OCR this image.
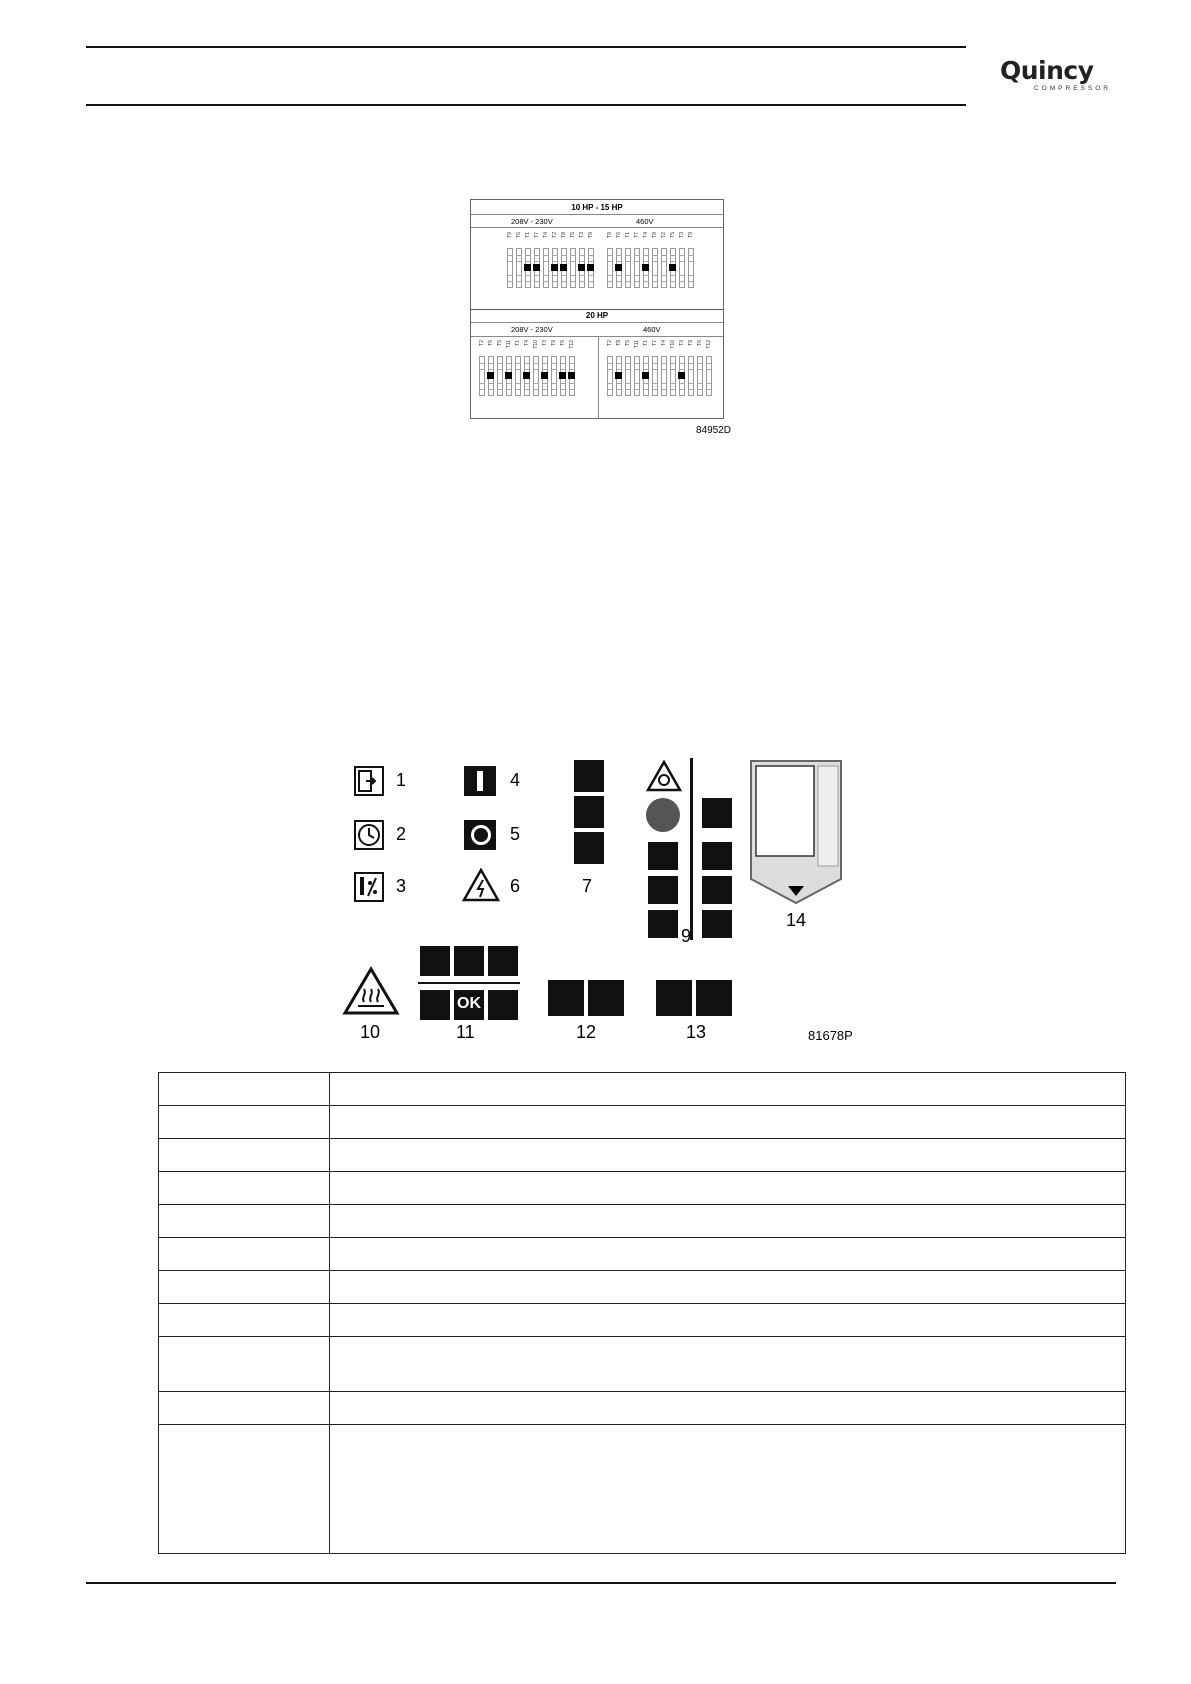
Quincy
COMPRESSOR
10 HP - 15 HP
208V - 230V	460V
20 HP
208V - 230V	460V
T9 T6 T1 T7 T4 T2 T8 T5 T3 T9	T9 T6 T1 T7 T4 T8 T2 T5 T3 T9
T2 T6 T5 T11 T1 T4 T10 T3 T9 T6 T12	T2 T8 T5 T11 T1 T7 T4 T10 T3 T9 T6 T12
84952D
1
2
3
4
5
6	7
9
14
10
OK
11	12	13	81678P
